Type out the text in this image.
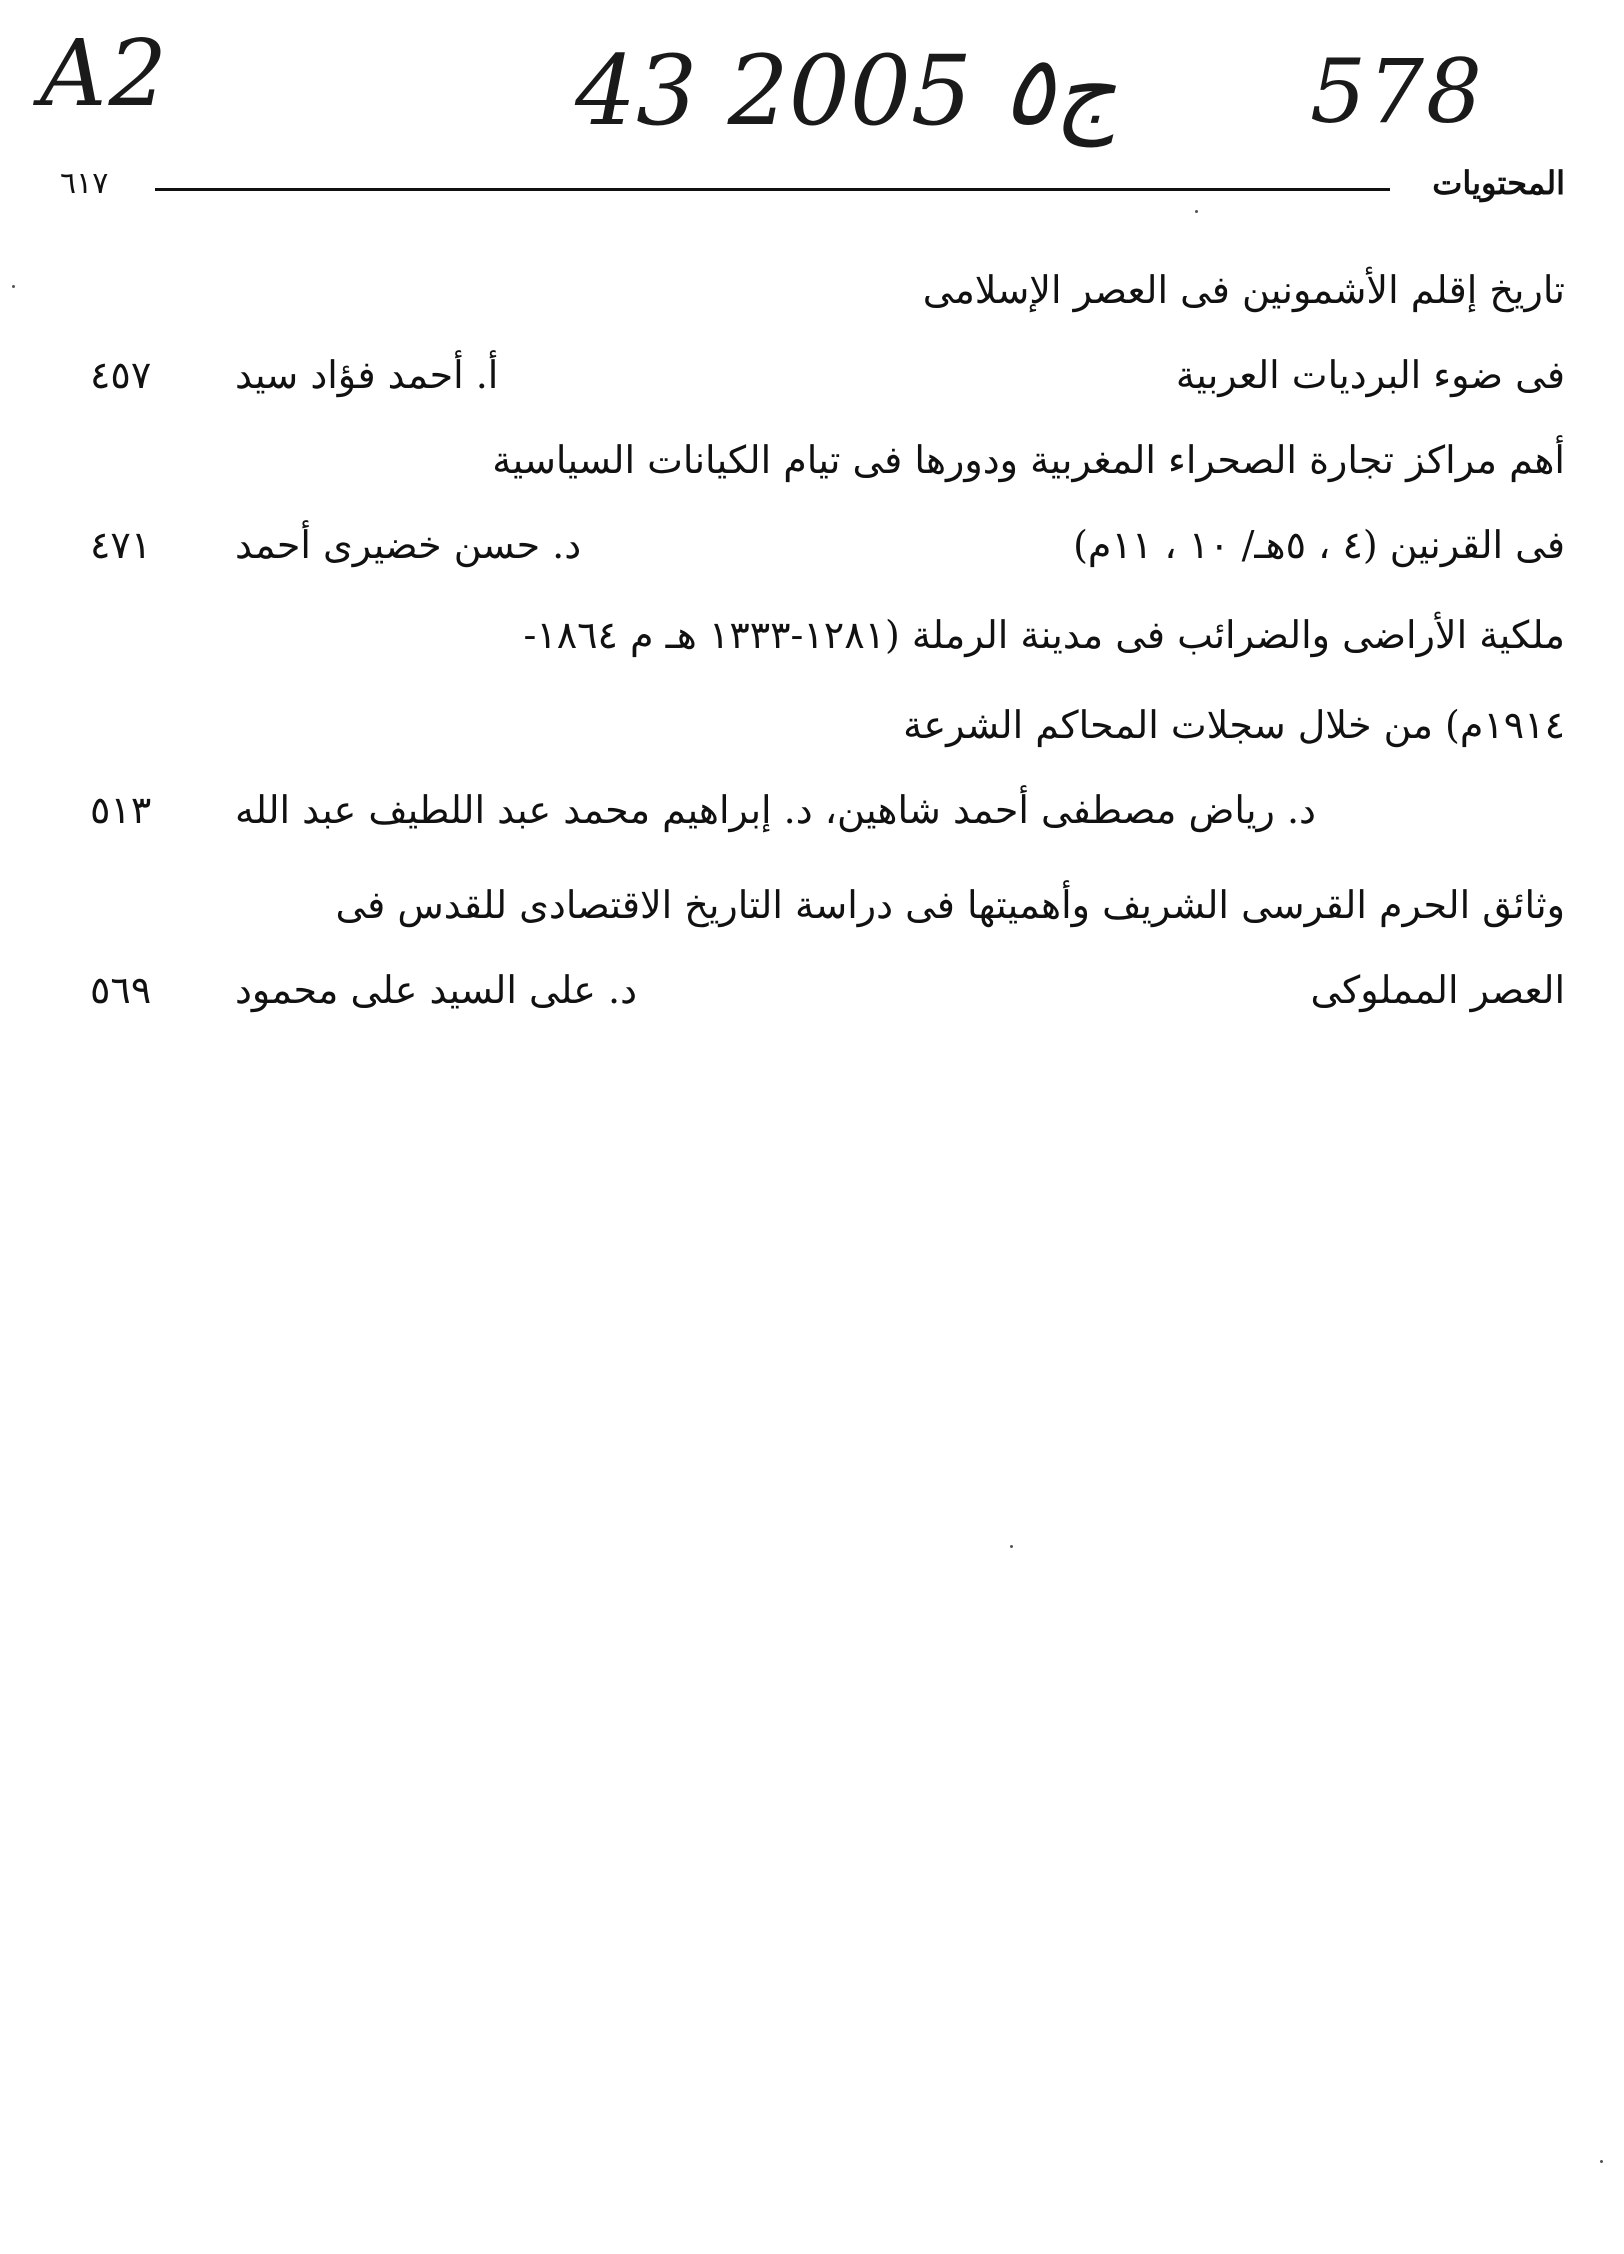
A2	43 ج٥ 2005 578
المحتويات
٦١٧
تاريخ إقلم الأشمونين فى العصر الإسلامى
فى ضوء البرديات العربية
أ. أحمد فؤاد سيد
٤٥٧
أهم مراكز تجارة الصحراء المغربية ودورها فى تيام الكيانات السياسية
فى القرنين (٤ ، ٥هـ/ ١٠ ، ١١م)
د. حسن خضيرى أحمد
٤٧١
ملكية الأراضى والضرائب فى مدينة الرملة (١٢٨١-١٣٣٣ هـ م ١٨٦٤-
١٩١٤م) من خلال سجلات المحاكم الشرعة
د. رياض مصطفى أحمد شاهين، د. إبراهيم محمد عبد اللطيف عبد الله
٥١٣
وثائق الحرم القرسى الشريف وأهميتها فى دراسة التاريخ الاقتصادى للقدس فى
العصر المملوكى
د. على السيد على محمود
٥٦٩
